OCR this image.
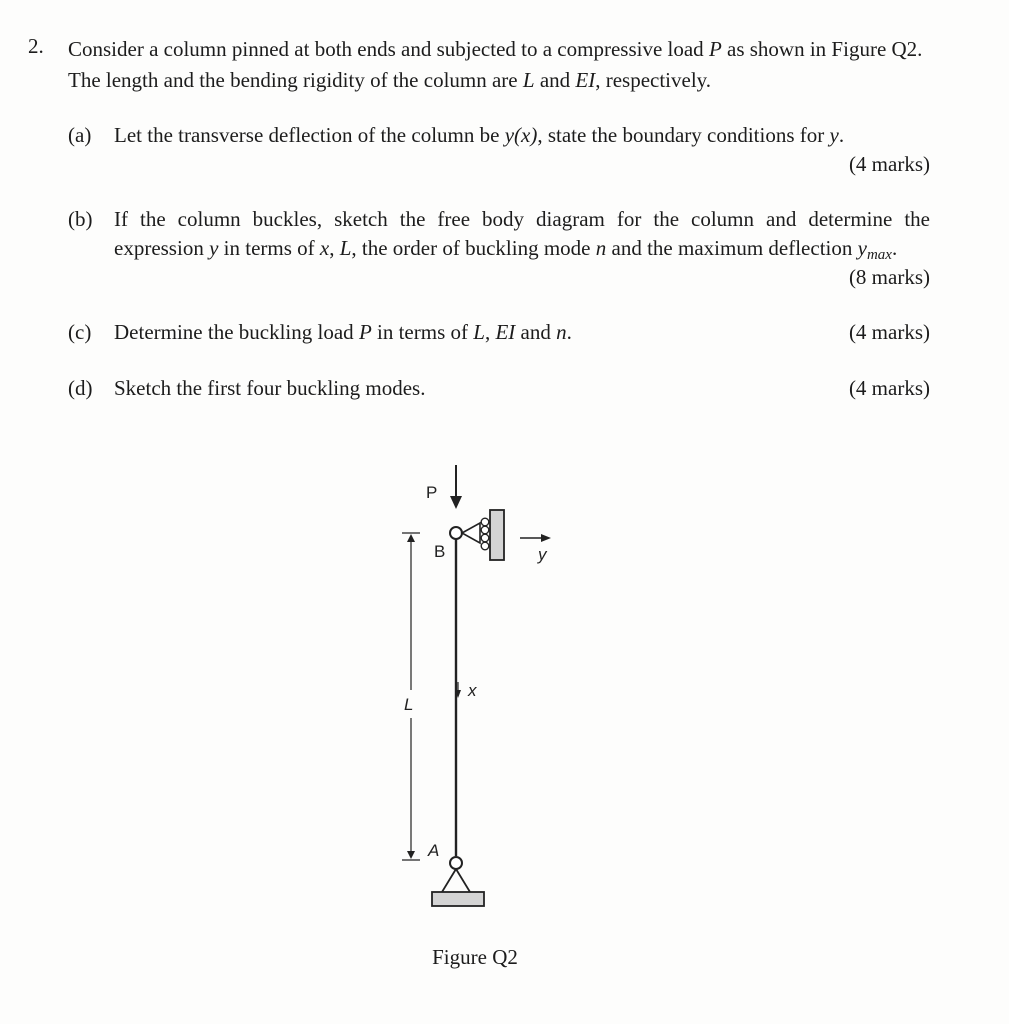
2. Consider a column pinned at both ends and subjected to a compressive load P as shown in Figure Q2. The length and the bending rigidity of the column are L and EI, respectively.
(a) Let the transverse deflection of the column be y(x), state the boundary conditions for y.
(4 marks)
(b) If the column buckles, sketch the free body diagram for the column and determine the expression y in terms of x, L, the order of buckling mode n and the maximum deflection $y_{max}$.
(8 marks)
(c) Determine the buckling load P in terms of L, EI and n.	(4 marks)
(d) Sketch the first four buckling modes.	(4 marks)
P
B	y
x
L
A
Figure Q2
